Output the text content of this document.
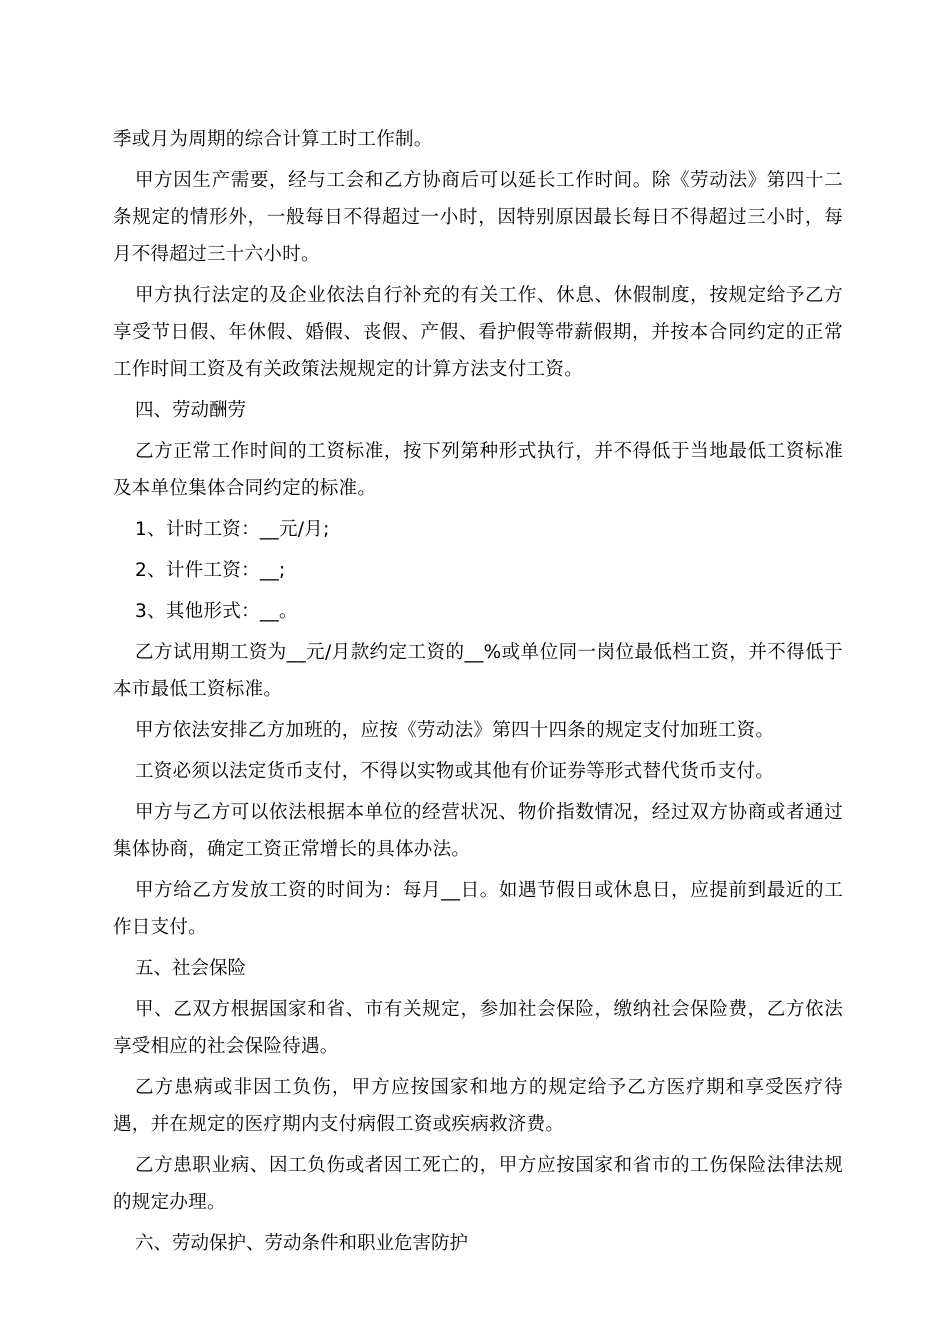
季或月为周期的综合计算工时工作制。

甲方因生产需要，经与工会和乙方协商后可以延长工作时间。除《劳动法》第四十二条规定的情形外，一般每日不得超过一小时，因特别原因最长每日不得超过三小时，每月不得超过三十六小时。

甲方执行法定的及企业依法自行补充的有关工作、休息、休假制度，按规定给予乙方享受节日假、年休假、婚假、丧假、产假、看护假等带薪假期，并按本合同约定的正常工作时间工资及有关政策法规规定的计算方法支付工资。

四、劳动酬劳

乙方正常工作时间的工资标准，按下列第种形式执行，并不得低于当地最低工资标准及本单位集体合同约定的标准。

1、计时工资：__元/月;

2、计件工资：__;

3、其他形式：__。

乙方试用期工资为__元/月款约定工资的__%或单位同一岗位最低档工资，并不得低于本市最低工资标准。

甲方依法安排乙方加班的，应按《劳动法》第四十四条的规定支付加班工资。

工资必须以法定货币支付，不得以实物或其他有价证券等形式替代货币支付。

甲方与乙方可以依法根据本单位的经营状况、物价指数情况，经过双方协商或者通过集体协商，确定工资正常增长的具体办法。

甲方给乙方发放工资的时间为：每月__日。如遇节假日或休息日，应提前到最近的工作日支付。

五、社会保险

甲、乙双方根据国家和省、市有关规定，参加社会保险，缴纳社会保险费，乙方依法享受相应的社会保险待遇。

乙方患病或非因工负伤，甲方应按国家和地方的规定给予乙方医疗期和享受医疗待遇，并在规定的医疗期内支付病假工资或疾病救济费。

乙方患职业病、因工负伤或者因工死亡的，甲方应按国家和省市的工伤保险法律法规的规定办理。

六、劳动保护、劳动条件和职业危害防护
